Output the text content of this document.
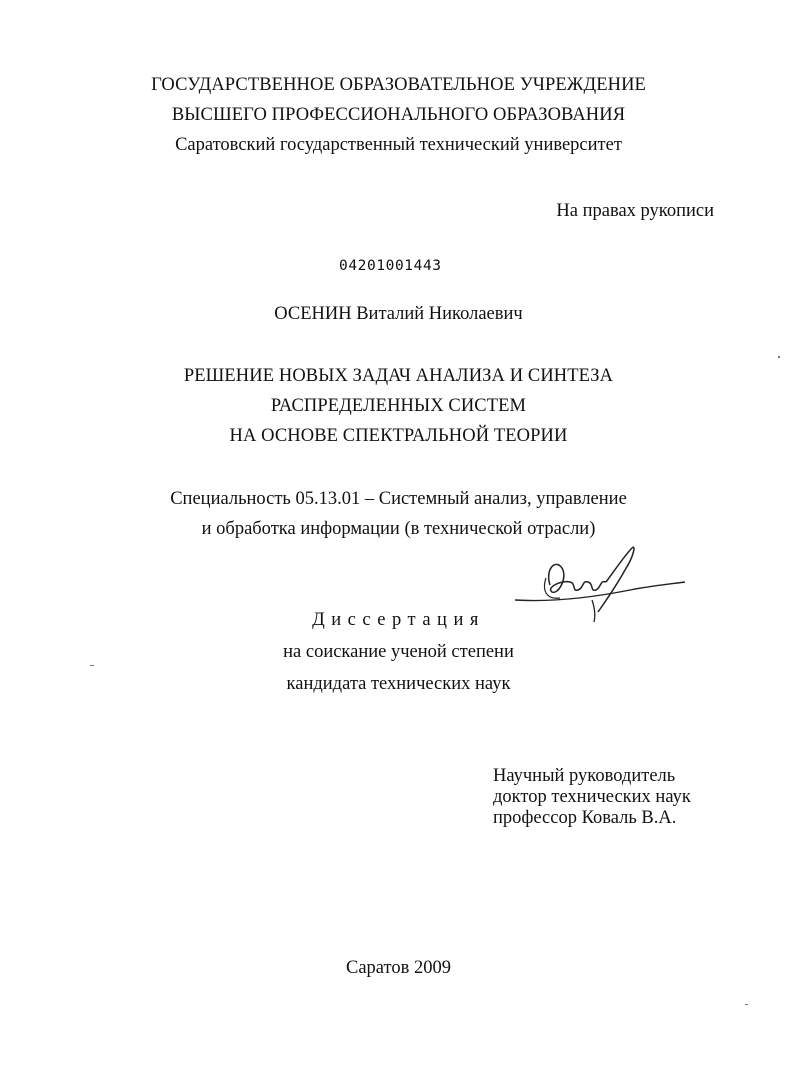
ГОСУДАРСТВЕННОЕ ОБРАЗОВАТЕЛЬНОЕ УЧРЕЖДЕНИЕ
ВЫСШЕГО ПРОФЕССИОНАЛЬНОГО ОБРАЗОВАНИЯ
Саратовский государственный технический университет
На правах рукописи
04201001443
ОСЕНИН Виталий Николаевич
РЕШЕНИЕ НОВЫХ ЗАДАЧ АНАЛИЗА И СИНТЕЗА
РАСПРЕДЕЛЕННЫХ СИСТЕМ
НА ОСНОВЕ СПЕКТРАЛЬНОЙ ТЕОРИИ
Специальность 05.13.01 – Системный анализ, управление
и обработка информации (в технической отрасли)
Диссертация
на соискание ученой степени
кандидата технических наук
Научный руководитель
доктор технических наук
профессор Коваль В.А.
Саратов 2009
